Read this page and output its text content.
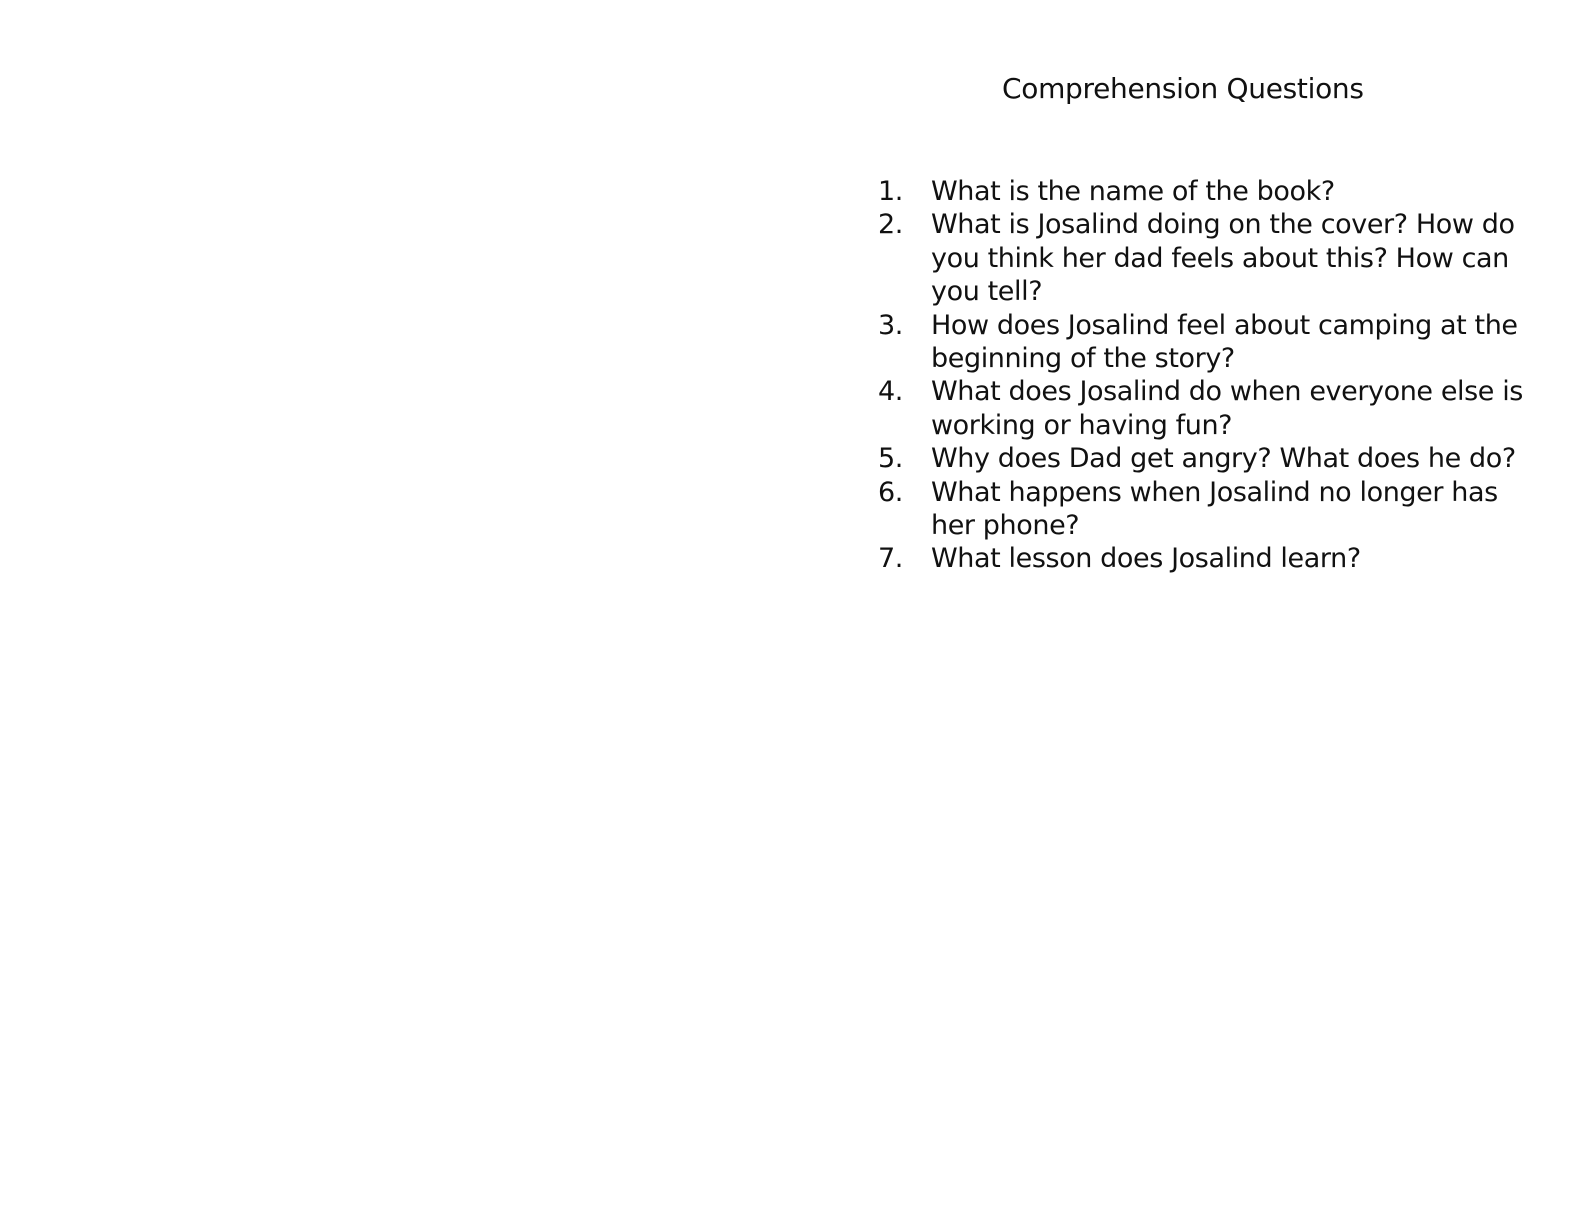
Comprehension Questions
1.	What is the name of the book?
2.	What is Josalind doing on the cover? How do you think her dad feels about this? How can you tell?
3.	How does Josalind feel about camping at the beginning of the story?
4.	What does Josalind do when everyone else is working or having fun?
5.	Why does Dad get angry? What does he do?
6.	What happens when Josalind no longer has her phone?
7.	What lesson does Josalind learn?
